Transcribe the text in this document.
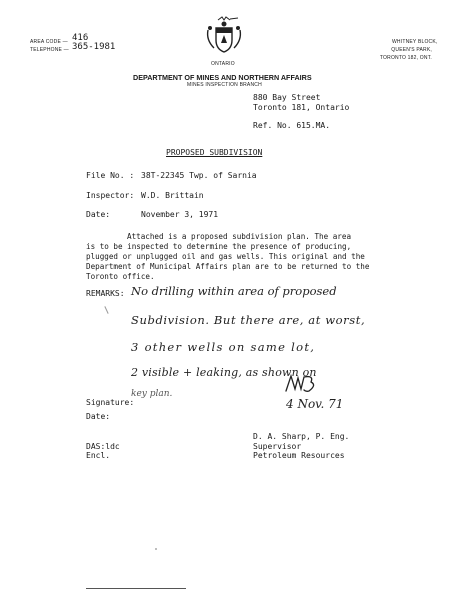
AREA CODE — 416
TELEPHONE — 365-1981
ONTARIO
WHITNEY BLOCK,
QUEEN'S PARK,
TORONTO 182, ONT.
DEPARTMENT OF MINES AND NORTHERN AFFAIRS
MINES INSPECTION BRANCH
880 Bay Street
Toronto 181, Ontario
Ref. No. 615.MA.
PROPOSED SUBDIVISION
File No. : 38T-22345 Twp. of Sarnia
Inspector: W.D. Brittain
Date:	November 3, 1971
Attached is a proposed subdivision plan. The area
is to be inspected to determine the presence of producing,
plugged or unplugged oil and gas wells. This original and the
Department of Municipal Affairs plan are to be returned to the
Toronto office.
REMARKS: No drilling within area of proposed
Subdivision. But there are, at worst,
3 other wells on same lot,
2 visible + leaking, as shown on
key plan.
4 Nov. 71
Signature:
Date:
D. A. Sharp, P. Eng.
Supervisor
Petroleum Resources
DAS:ldc
Encl.
